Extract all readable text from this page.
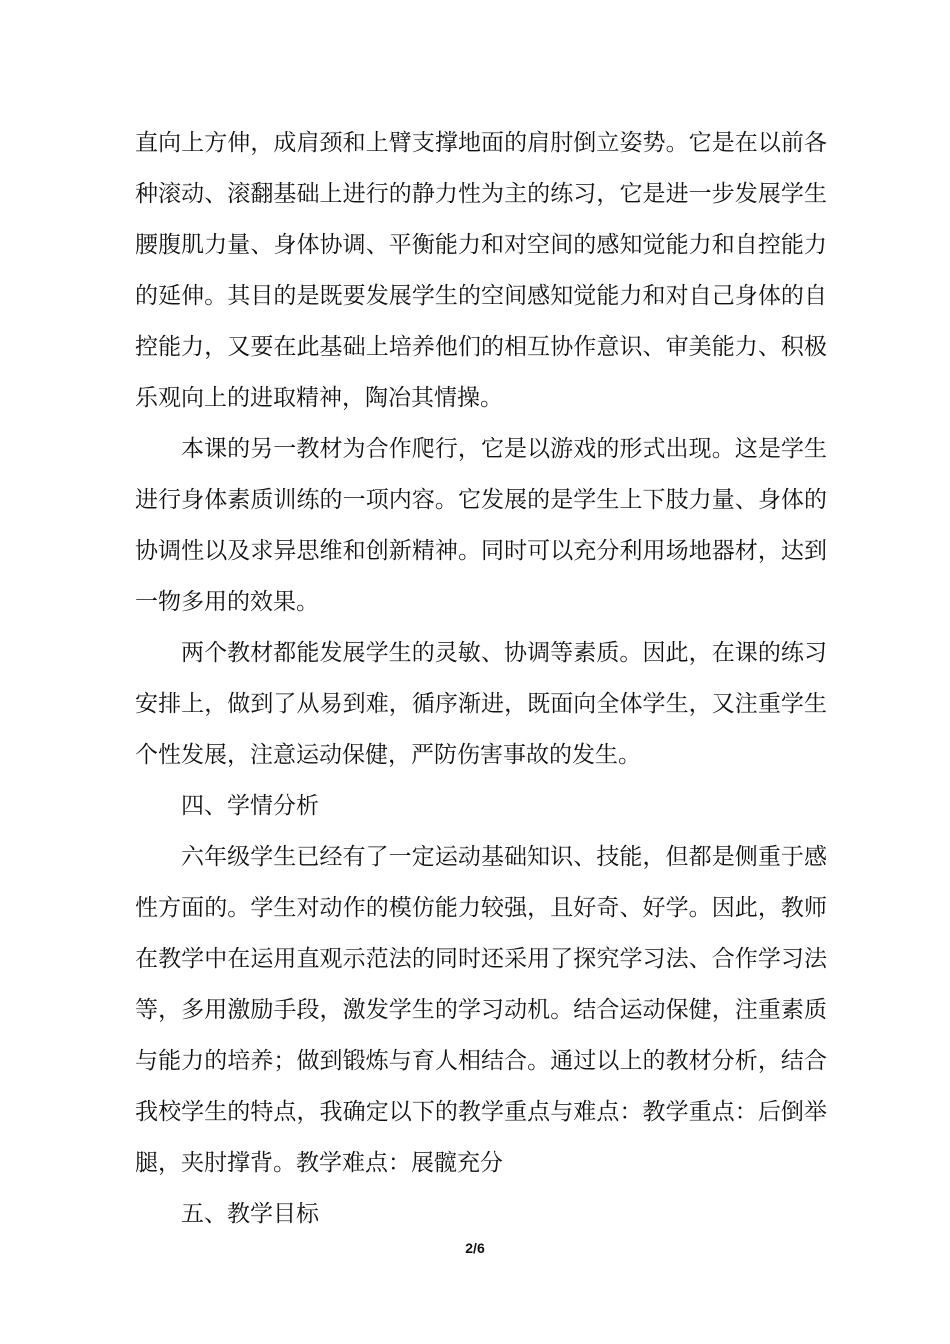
直向上方伸，成肩颈和上臂支撑地面的肩肘倒立姿势。它是在以前各
种滚动、滚翻基础上进行的静力性为主的练习，它是进一步发展学生
腰腹肌力量、身体协调、平衡能力和对空间的感知觉能力和自控能力
的延伸。其目的是既要发展学生的空间感知觉能力和对自己身体的自
控能力，又要在此基础上培养他们的相互协作意识、审美能力、积极
乐观向上的进取精神，陶冶其情操。
本课的另一教材为合作爬行，它是以游戏的形式出现。这是学生
进行身体素质训练的一项内容。它发展的是学生上下肢力量、身体的
协调性以及求异思维和创新精神。同时可以充分利用场地器材，达到
一物多用的效果。
两个教材都能发展学生的灵敏、协调等素质。因此，在课的练习
安排上，做到了从易到难，循序渐进，既面向全体学生，又注重学生
个性发展，注意运动保健，严防伤害事故的发生。
四、学情分析
六年级学生已经有了一定运动基础知识、技能，但都是侧重于感
性方面的。学生对动作的模仿能力较强，且好奇、好学。因此，教师
在教学中在运用直观示范法的同时还采用了探究学习法、合作学习法
等，多用激励手段，激发学生的学习动机。结合运动保健，注重素质
与能力的培养；做到锻炼与育人相结合。通过以上的教材分析，结合
我校学生的特点，我确定以下的教学重点与难点：教学重点：后倒举
腿，夹肘撑背。教学难点：展髋充分
五、教学目标
2/6
